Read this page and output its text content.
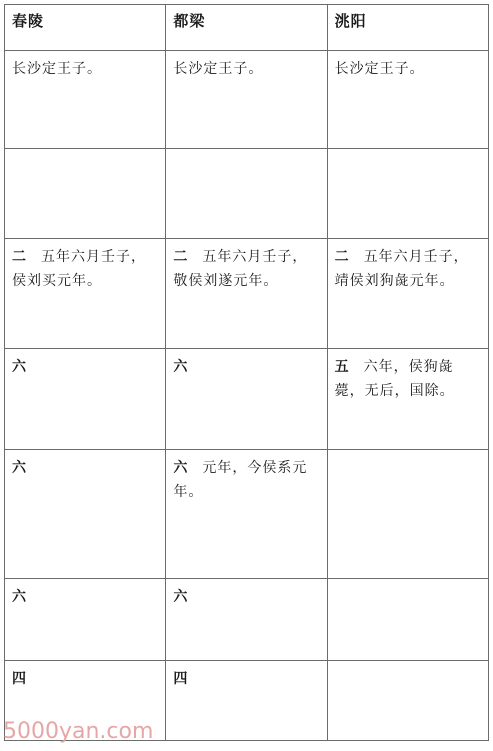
春陵	都梁	洮阳
长沙定王子。	长沙定王子。	长沙定王子。

二 五年六月壬子，侯刘买元年。	二 五年六月壬子，敬侯刘遂元年。	二 五年六月壬子，靖侯刘狗彘元年。
六	六	五 六年，侯狗彘薨，无后，国除。
六	六 元年，今侯系元年。	
六	六	
四	四	
5000yan.com
